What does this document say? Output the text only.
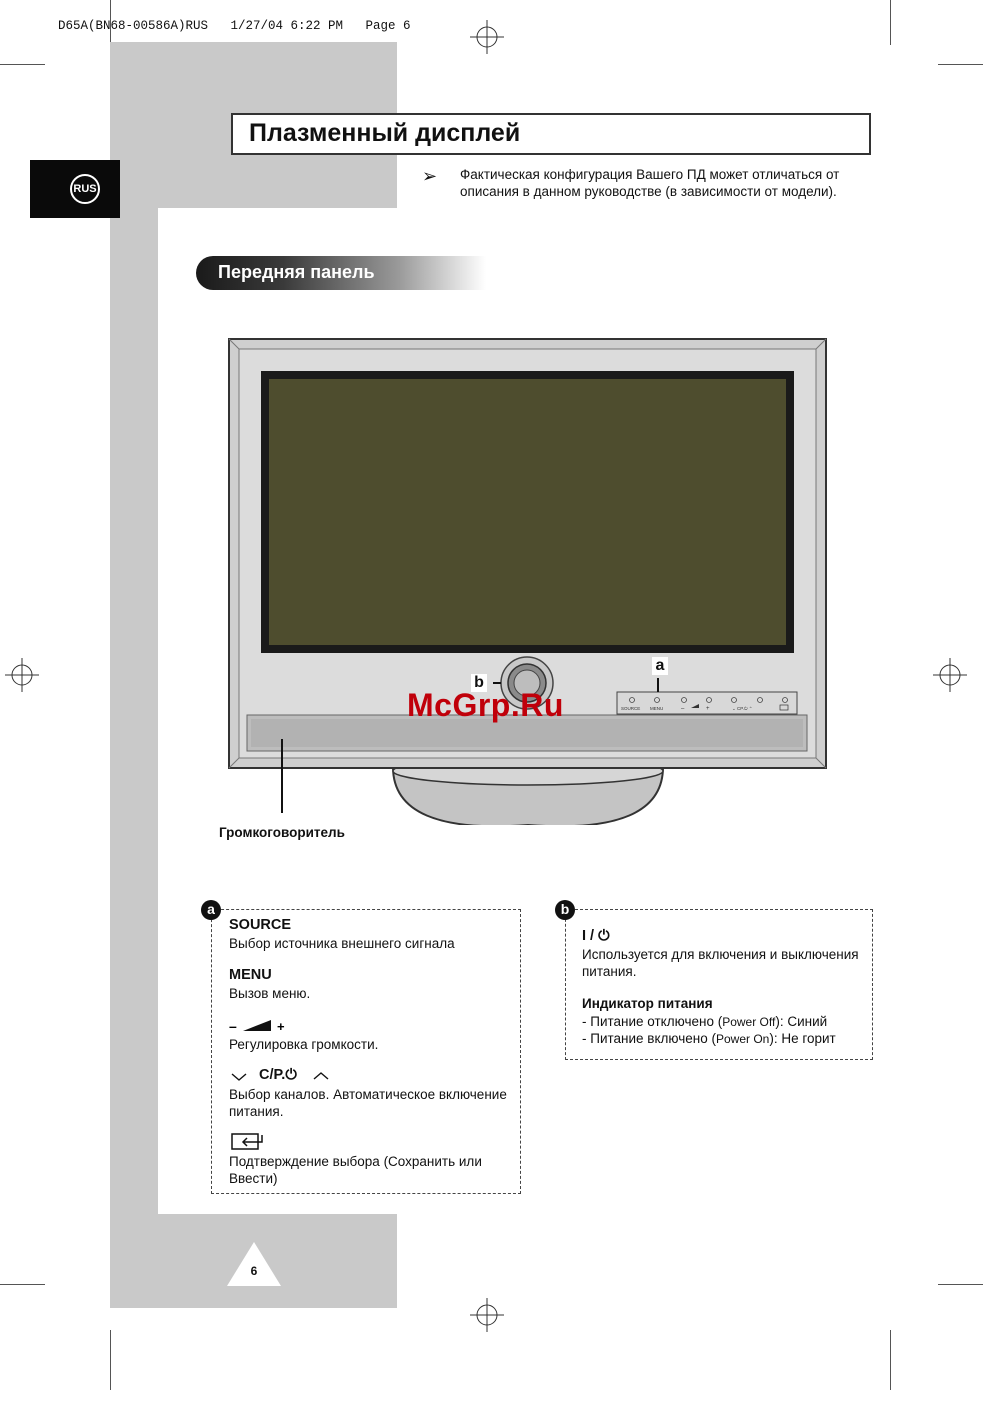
D65A(BN68-00586A)RUS   1/27/04 6:22 PM   Page 6
RUS
Плазменный дисплей
➢ Фактическая конфигурация Вашего ПД может отличаться от описания в данном руководстве (в зависимости от модели).
Передняя панель
SOURCE MENU	–	+	⌄ CP.⏻ ⌃
a
b
McGrp.Ru
Громкоговоритель
a
SOURCE
Выбор источника внешнего сигнала
MENU
Вызов меню.
–	+
Регулировка громкости.
C/P.⏻
Выбор каналов. Автоматическое включение питания.
Подтверждение выбора (Сохранить или Ввести)
b
I / ⏻
Используется для включения и выключения питания.
Индикатор питания
- Питание отключено (Power Off): Синий
- Питание включено (Power On): Не горит
6
